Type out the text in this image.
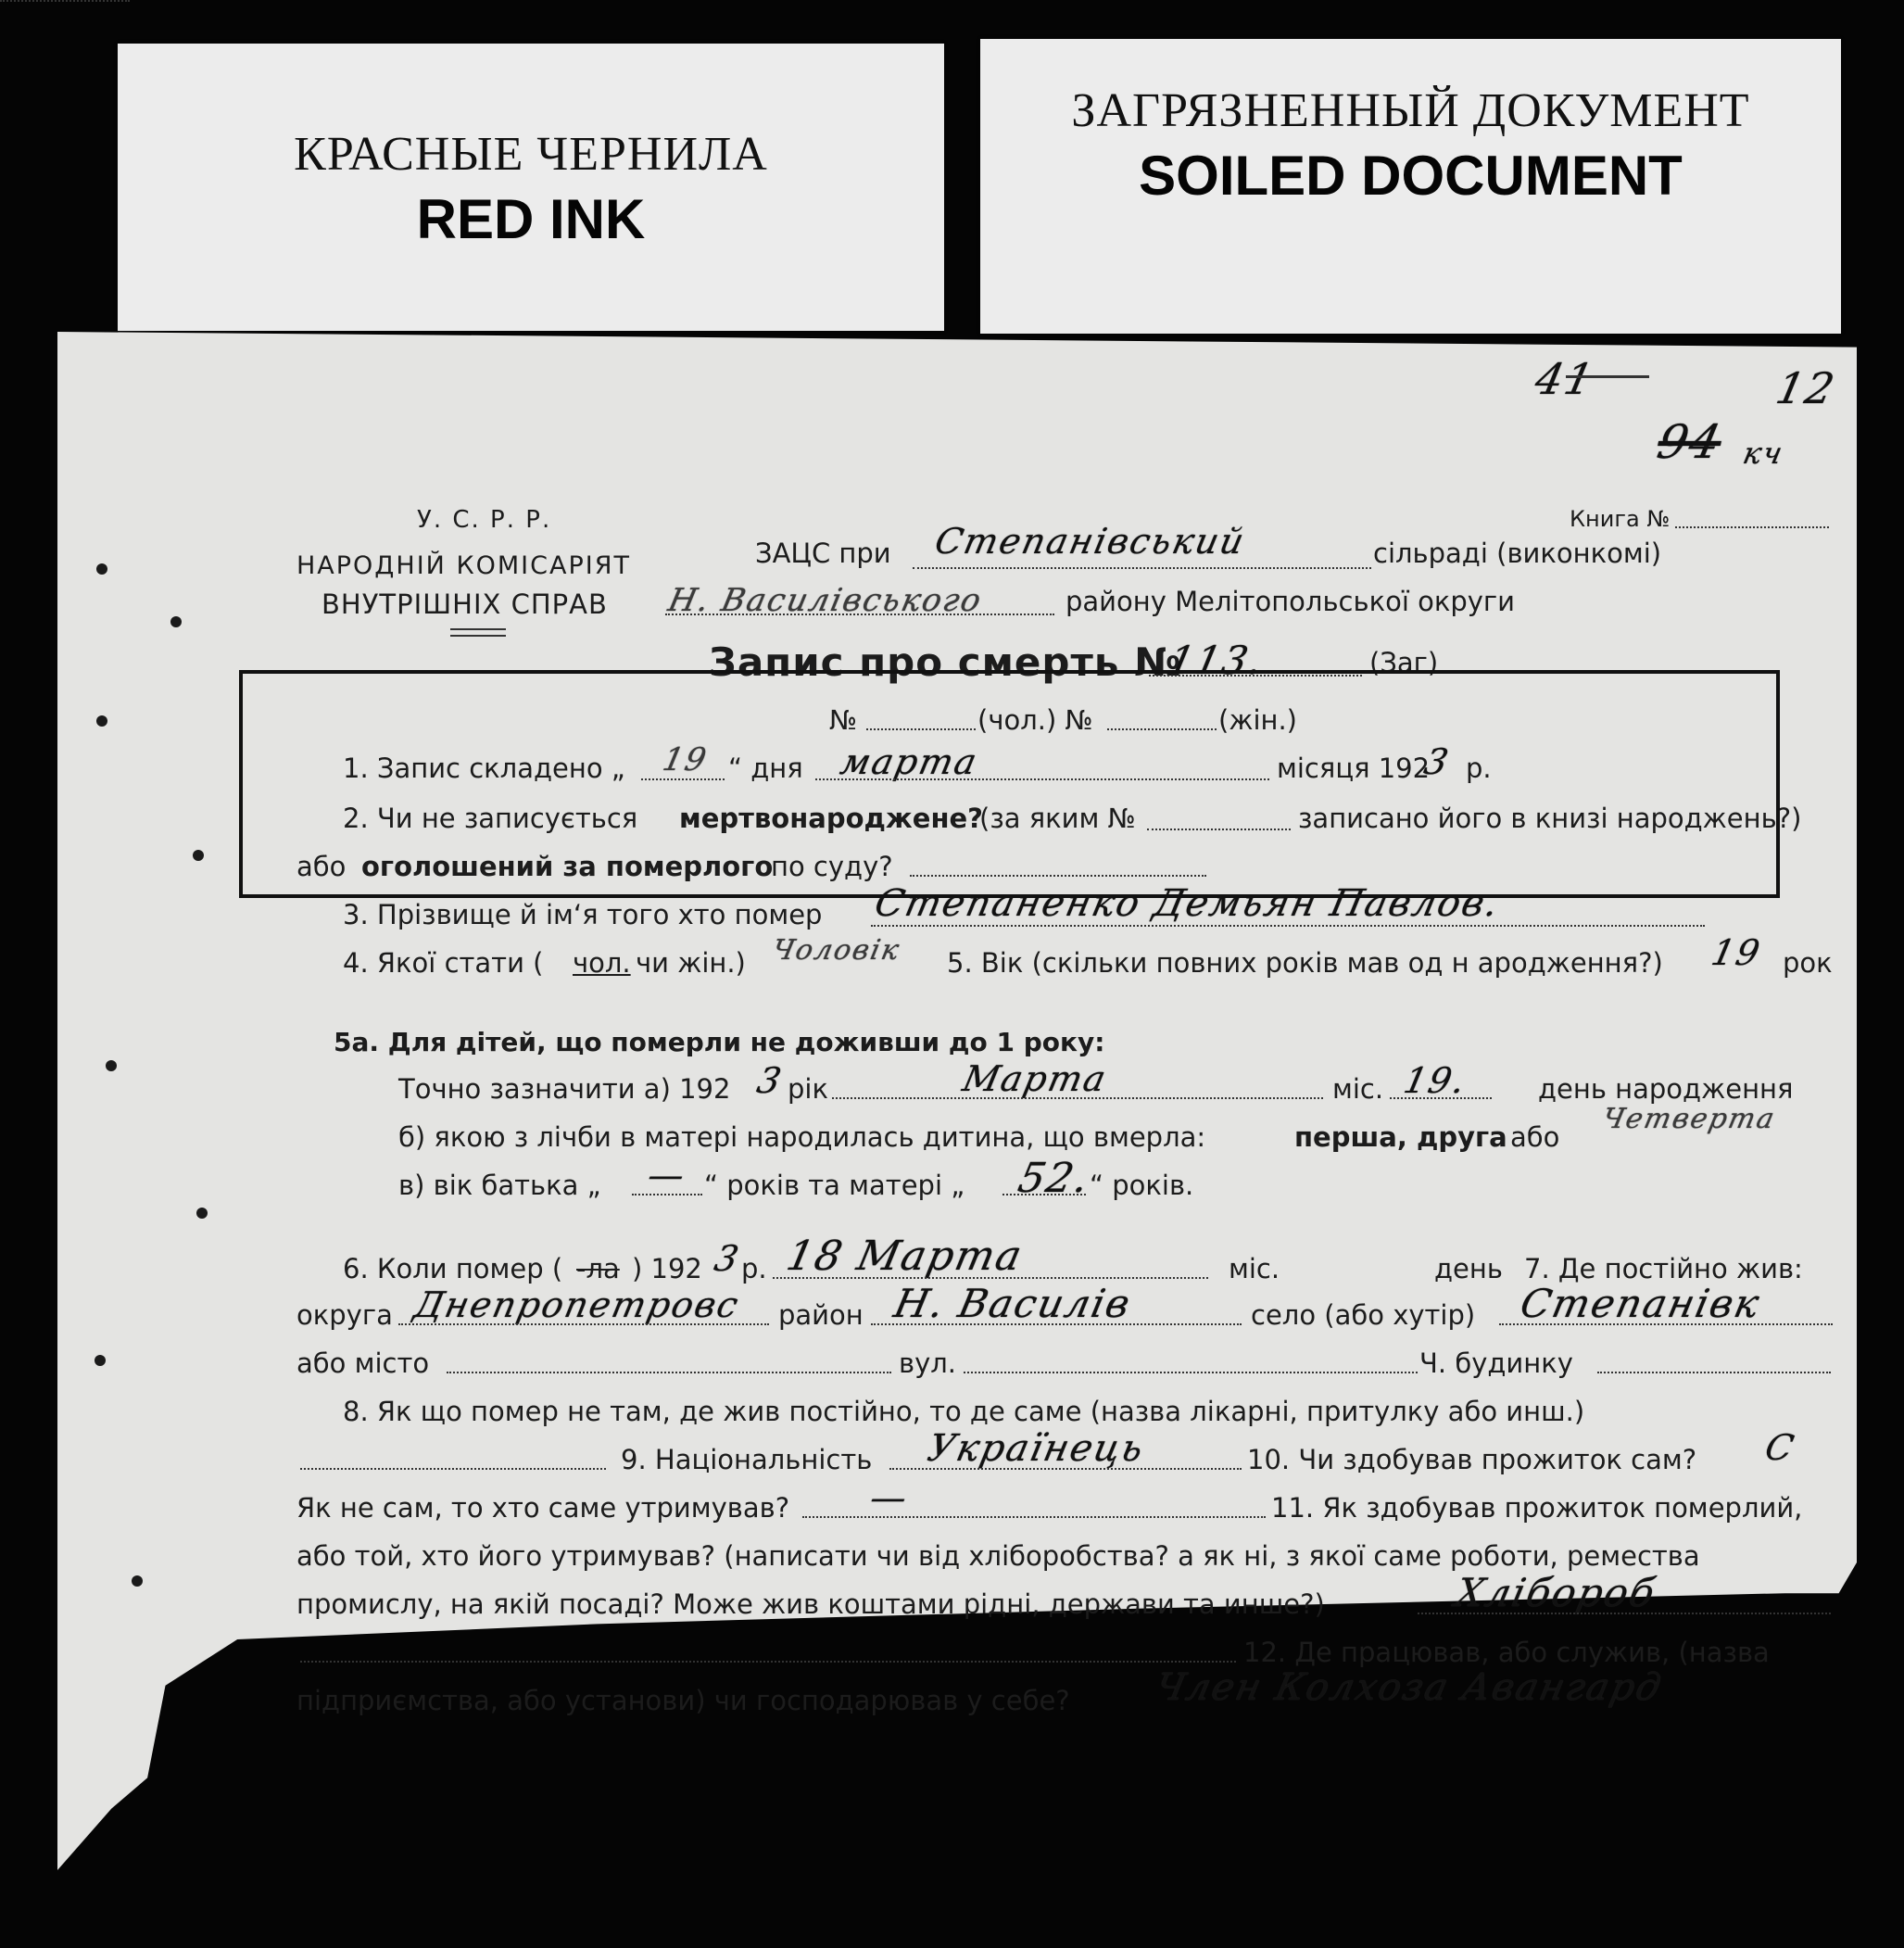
КРАСНЫЕ ЧЕРНИЛА
RED INK
ЗАГРЯЗНЕННЫЙ ДОКУМЕНТ
SOILED DOCUMENT
41	12
94 кч
У. С. Р. Р.
НАРОДНІЙ КОМІСАРІЯТ
ВНУТРІШНІХ СПРАВ
Книга №
ЗАЦС при Степанівський	сільраді (виконкомі)
Н. Василівського	району Мелітопольської округи
Запис про смерть №
113.	(Заг)
№	(чол.) №	(жін.)
1. Запис складено „ 19 “ дня марта	місяця 192
3 р.
2. Чи не записується мертвонароджене?
(за яким №	записано його в книзі народжень?)
або оголошений за померлого
по суду?
3. Прізвище й ім‘я того хто помер Степаненко Демьян Павлов.
4. Якої стати ( чол. чи жін.) Чоловік 5. Вік (скільки повних років мав од н ародження?) 19 рок
5а. Для дітей, що померли не доживши до 1 року:
Точно зазначити а) 192 3 рік	Марта	міс. 19.	день народження
б) якою з лічби в матері народилась дитина, що вмерла:	перша, друга або
Четверта
в) вік батька „ — “ років та матері „ 52.
“ років.
6. Коли помер ( -ла ) 192 3
р. 18 Марта	міс.	день 7. Де постійно жив:
округа Днепропетровс район Н. Василів	село (або хутір) Степанівк
або місто	вул.	Ч. будинку
8. Як що помер не там, де жив постійно, то де саме (назва лікарні, притулку або инш.)
9. Національність Українець	10. Чи здобував прожиток сам? С
Як не сам, то хто саме утримував? —	11. Як здобував прожиток померлий,
або той, хто його утримував? (написати чи від хліборобства? а як ні, з якої саме роботи, ремества
промислу, на якій посаді? Може жив коштами рідні, держави та инше?)	Хлібороб
12. Де працював, або служив, (назва
підприємства, або установи) чи господарював у себе? Член Колхоза Авангард
